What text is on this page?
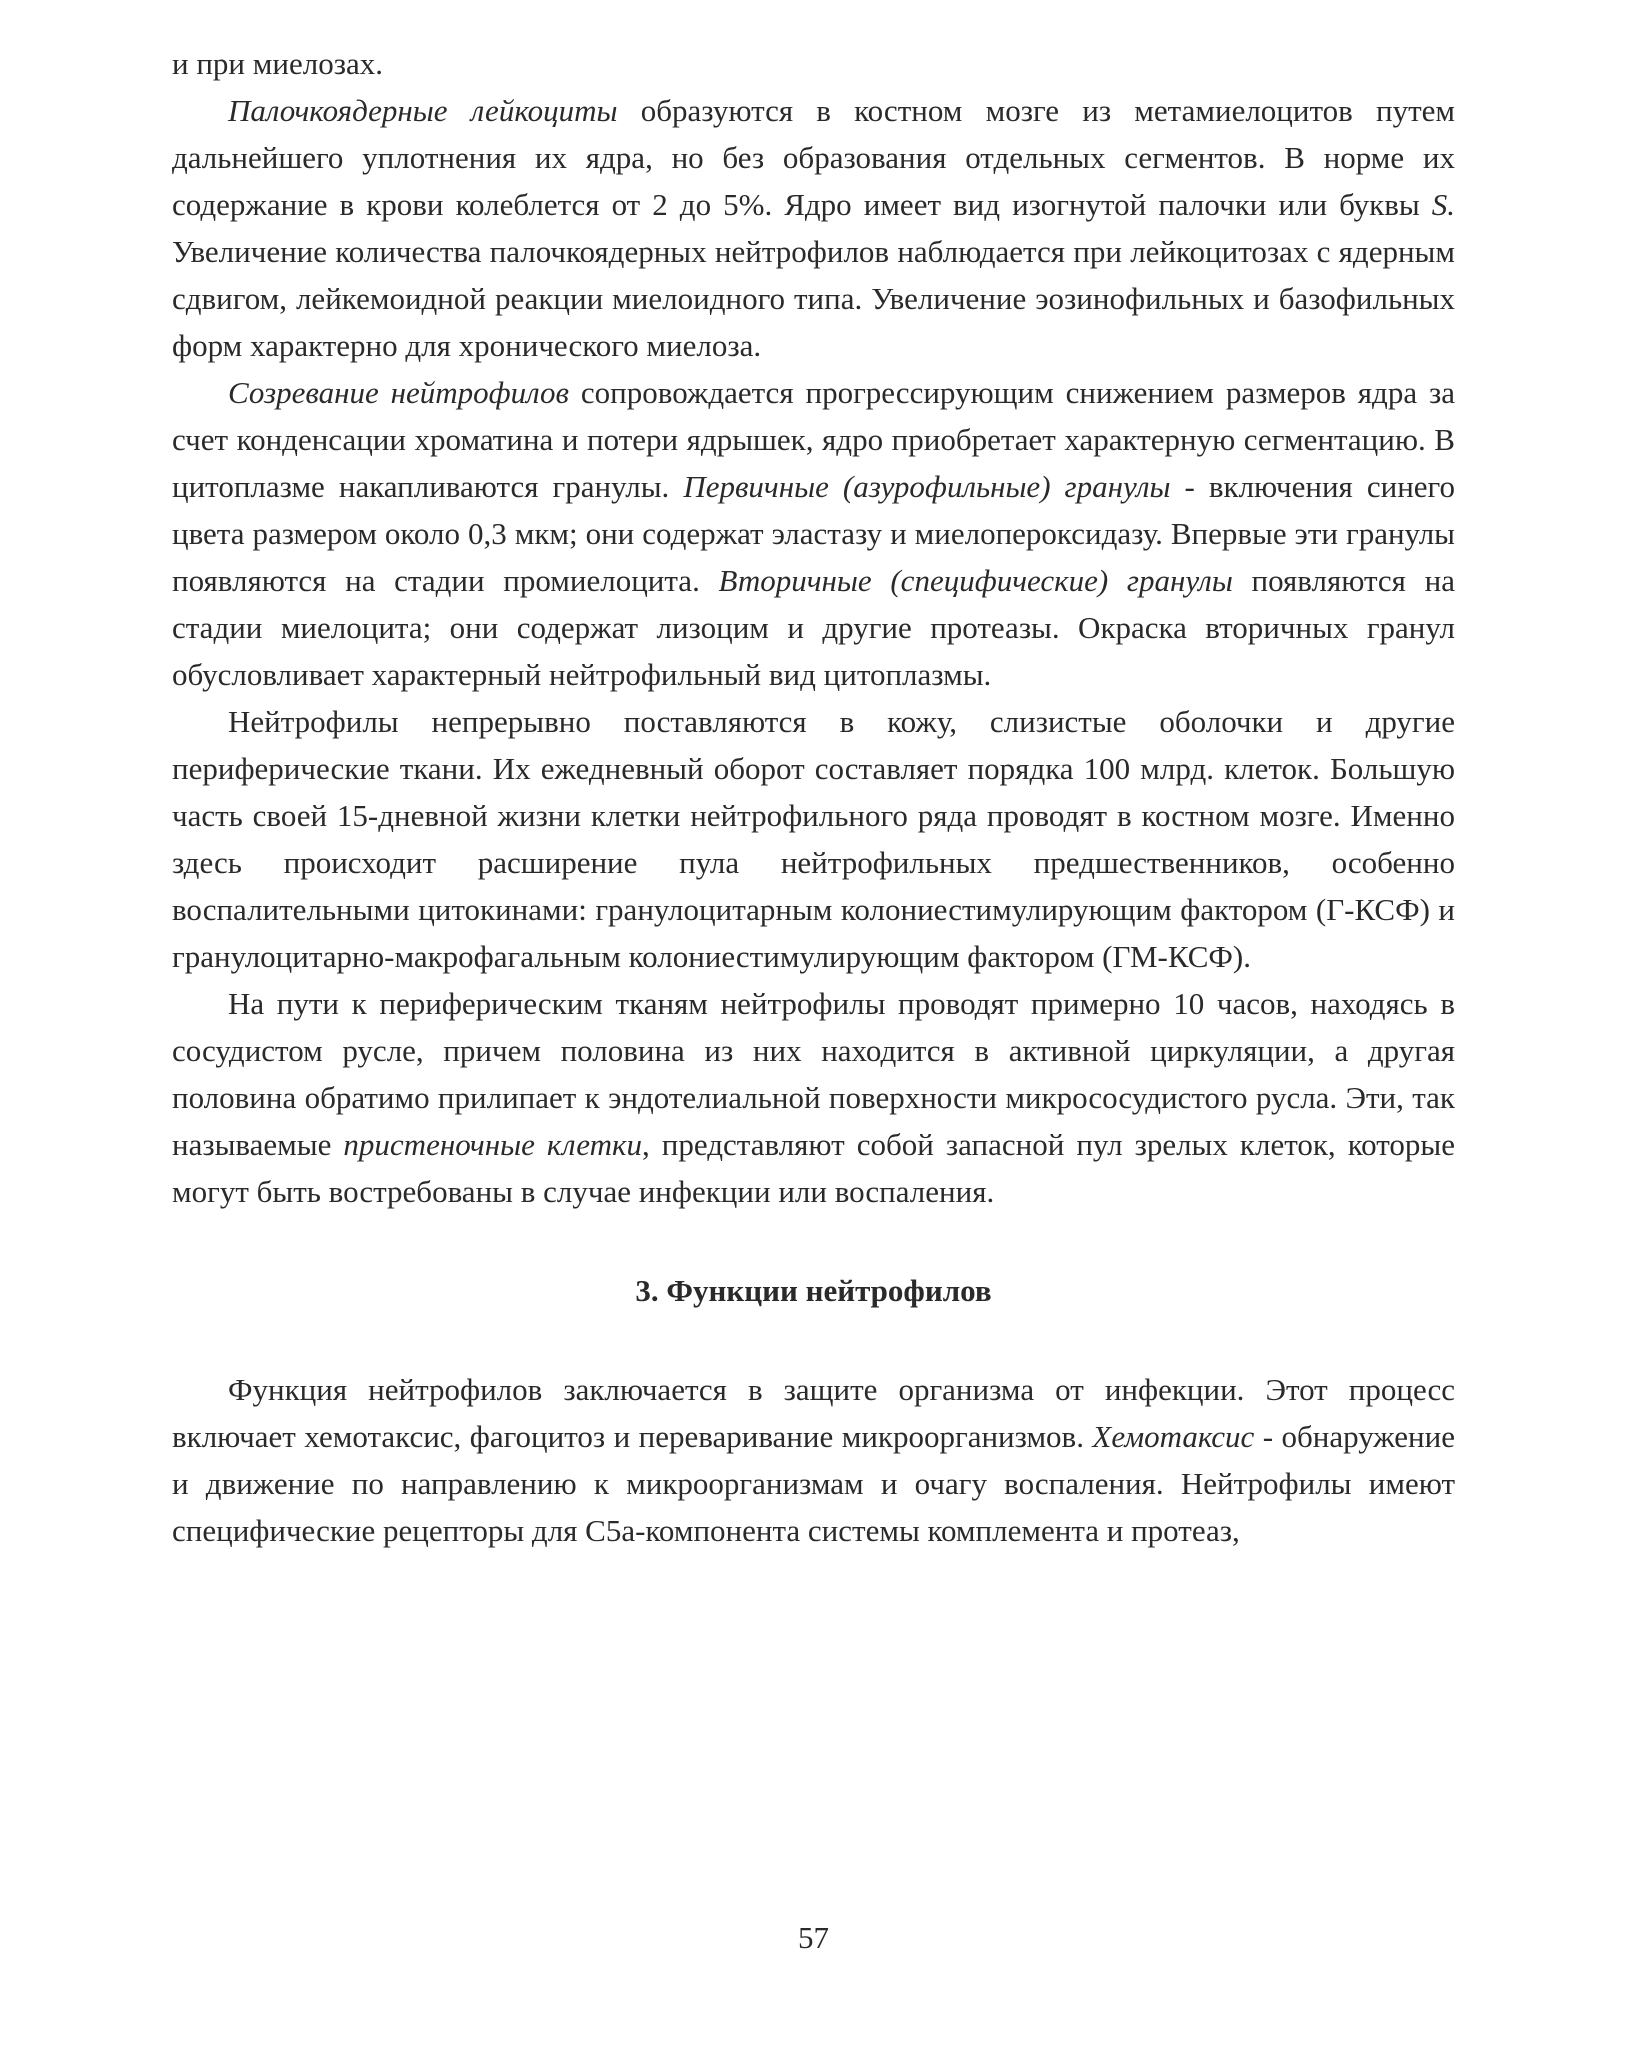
и при миелозах.

Палочкоядерные лейкоциты образуются в костном мозге из метамиелоцитов путем дальнейшего уплотнения их ядра, но без образования отдельных сегментов. В норме их содержание в крови колеблется от 2 до 5%. Ядро имеет вид изогнутой палочки или буквы S. Увеличение количества палочкоядерных нейтрофилов наблюдается при лейкоцитозах с ядерным сдвигом, лейкемоидной реакции миелоидного типа. Увеличение эозинофильных и базофильных форм характерно для хронического миелоза.

Созревание нейтрофилов сопровождается прогрессирующим снижением размеров ядра за счет конденсации хроматина и потери ядрышек, ядро приобретает характерную сегментацию. В цитоплазме накапливаются гранулы. Первичные (азурофильные) гранулы - включения синего цвета размером около 0,3 мкм; они содержат эластазу и миелопероксидазу. Впервые эти гранулы появляются на стадии промиелоцита. Вторичные (специфические) гранулы появляются на стадии миелоцита; они содержат лизоцим и другие протеазы. Окраска вторичных гранул обусловливает характерный нейтрофильный вид цитоплазмы.

Нейтрофилы непрерывно поставляются в кожу, слизистые оболочки и другие периферические ткани. Их ежедневный оборот составляет порядка 100 млрд. клеток. Большую часть своей 15-дневной жизни клетки нейтрофильного ряда проводят в костном мозге. Именно здесь происходит расширение пула нейтрофильных предшественников, особенно воспалительными цитокинами: гранулоцитарным колониестимулирующим фактором (Г-КСФ) и гранулоцитарно-макрофагальным колониестимулирующим фактором (ГМ-КСФ).

На пути к периферическим тканям нейтрофилы проводят примерно 10 часов, находясь в сосудистом русле, причем половина из них находится в активной циркуляции, а другая половина обратимо прилипает к эндотелиальной поверхности микрососудистого русла. Эти, так называемые пристеночные клетки, представляют собой запасной пул зрелых клеток, которые могут быть востребованы в случае инфекции или воспаления.

3. Функции нейтрофилов

Функция нейтрофилов заключается в защите организма от инфекции. Этот процесс включает хемотаксис, фагоцитоз и переваривание микроорганизмов. Хемотаксис - обнаружение и движение по направлению к микроорганизмам и очагу воспаления. Нейтрофилы имеют специфические рецепторы для С5а-компонента системы комплемента и протеаз,

57
